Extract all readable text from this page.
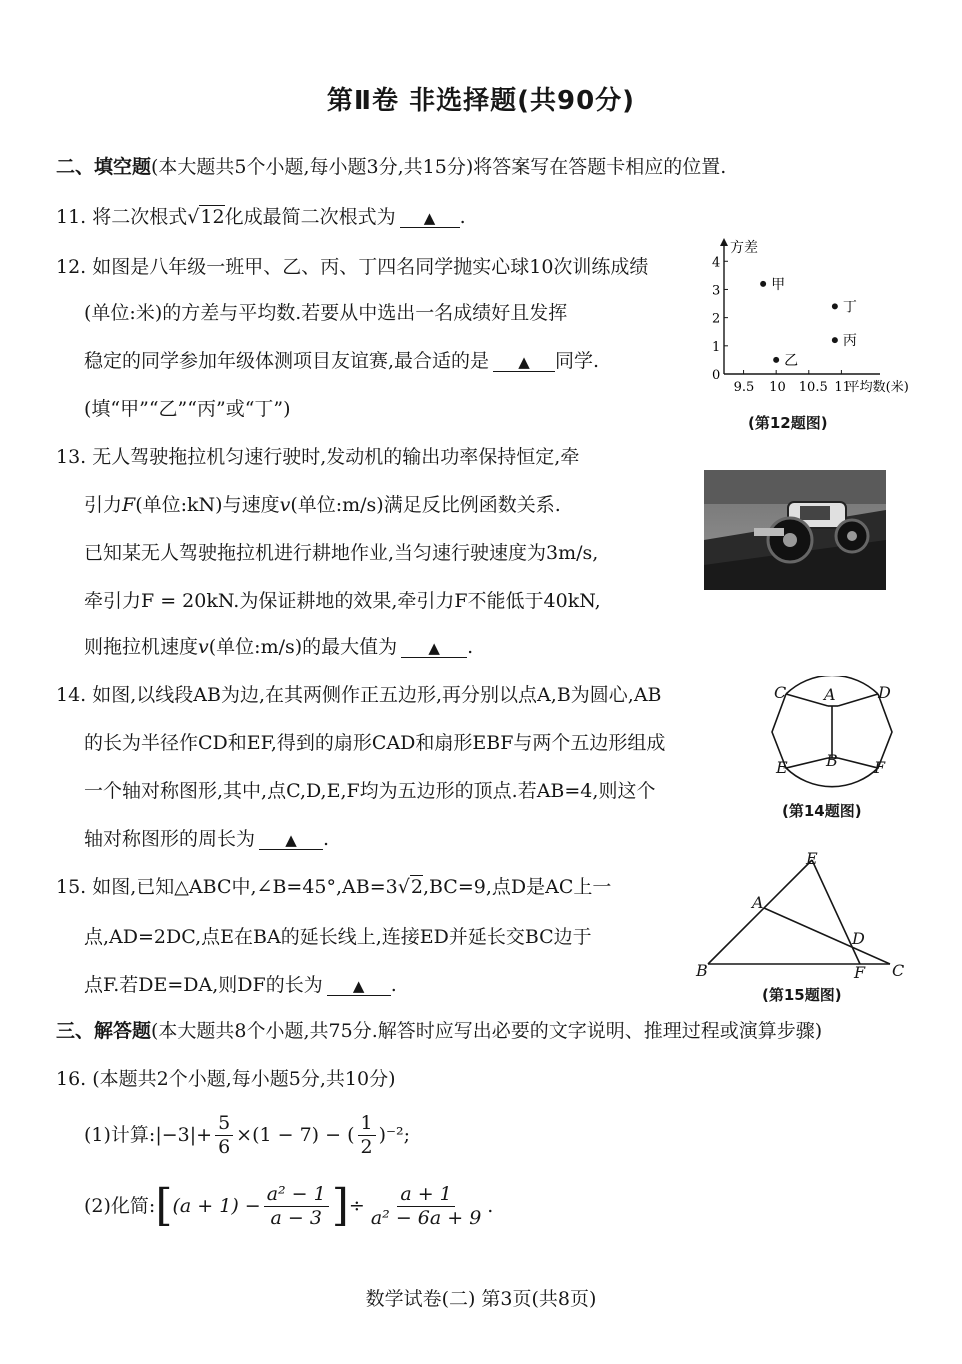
第Ⅱ卷 非选择题(共90分)
二、填空题(本大题共5个小题,每小题3分,共15分)将答案写在答题卡相应的位置.
11. 将二次根式√12化成最简二次根式为 ▲ .
12. 如图是八年级一班甲、乙、丙、丁四名同学抛实心球10次训练成绩
(单位:米)的方差与平均数.若要从中选出一名成绩好且发挥
稳定的同学参加年级体测项目友谊赛,最合适的是 ▲ 同学.
(填“甲”“乙”“丙”或“丁”)
方差
0
1
2
3
4
9.5 10 10.5 11
平均数(米)
甲
乙
丁
丙
(第12题图)
13. 无人驾驶拖拉机匀速行驶时,发动机的输出功率保持恒定,牵
引力F(单位:kN)与速度v(单位:m/s)满足反比例函数关系.
已知某无人驾驶拖拉机进行耕地作业,当匀速行驶速度为3m/s,
牵引力F = 20kN.为保证耕地的效果,牵引力F不能低于40kN,
则拖拉机速度v(单位:m/s)的最大值为 ▲ .
14. 如图,以线段AB为边,在其两侧作正五边形,再分别以点A,B为圆心,AB
的长为半径作CD和EF,得到的扇形CAD和扇形EBF与两个五边形组成
一个轴对称图形,其中,点C,D,E,F均为五边形的顶点.若AB=4,则这个
轴对称图形的周长为 ▲ .
C A	D
E B F
(第14题图)
15. 如图,已知△ABC中,∠B=45°,AB=3√2,BC=9,点D是AC上一
点,AD=2DC,点E在BA的延长线上,连接ED并延长交BC边于
点F.若DE=DA,则DF的长为 ▲ .
E
A
D
B	F C
(第15题图)
三、解答题(本大题共8个小题,共75分.解答时应写出必要的文字说明、推理过程或演算步骤)
16. (本题共2个小题,每小题5分,共10分)
(1)计算: $|-3|+ \frac{5}{6} \times(1 - 7)$ − ( $\frac{1}{2} )^{-2}$;
(2)化简: [ $(a + 1) - \frac{\text{a² − 1}}{a - 3}$ ] ÷ $\frac{a + 1}{\text{a² − 6a + 9}}$ .
数学试卷(二) 第3页(共8页)
